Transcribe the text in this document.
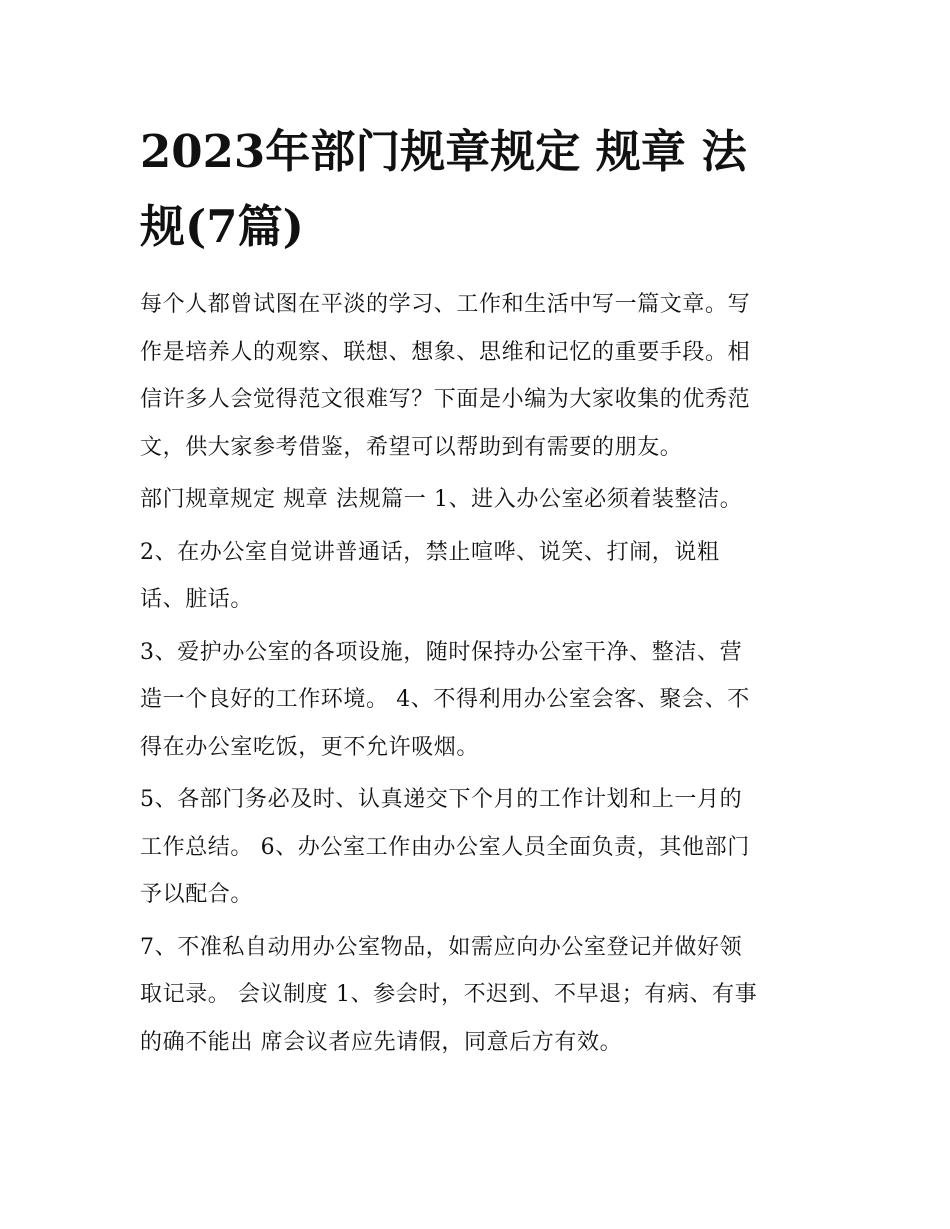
2023年部门规章规定 规章 法
规(7篇)

每个人都曾试图在平淡的学习、工作和生活中写一篇文章。写
作是培养人的观察、联想、想象、思维和记忆的重要手段。相
信许多人会觉得范文很难写？下面是小编为大家收集的优秀范
文，供大家参考借鉴，希望可以帮助到有需要的朋友。

部门规章规定 规章 法规篇一 1、进入办公室必须着装整洁。

2、在办公室自觉讲普通话，禁止喧哗、说笑、打闹，说粗
话、脏话。

3、爱护办公室的各项设施，随时保持办公室干净、整洁、营
造一个良好的工作环境。 4、不得利用办公室会客、聚会、不
得在办公室吃饭，更不允许吸烟。

5、各部门务必及时、认真递交下个月的工作计划和上一月的
工作总结。 6、办公室工作由办公室人员全面负责，其他部门
予以配合。

7、不准私自动用办公室物品，如需应向办公室登记并做好领
取记录。 会议制度 1、参会时，不迟到、不早退；有病、有事
的确不能出 席会议者应先请假，同意后方有效。
